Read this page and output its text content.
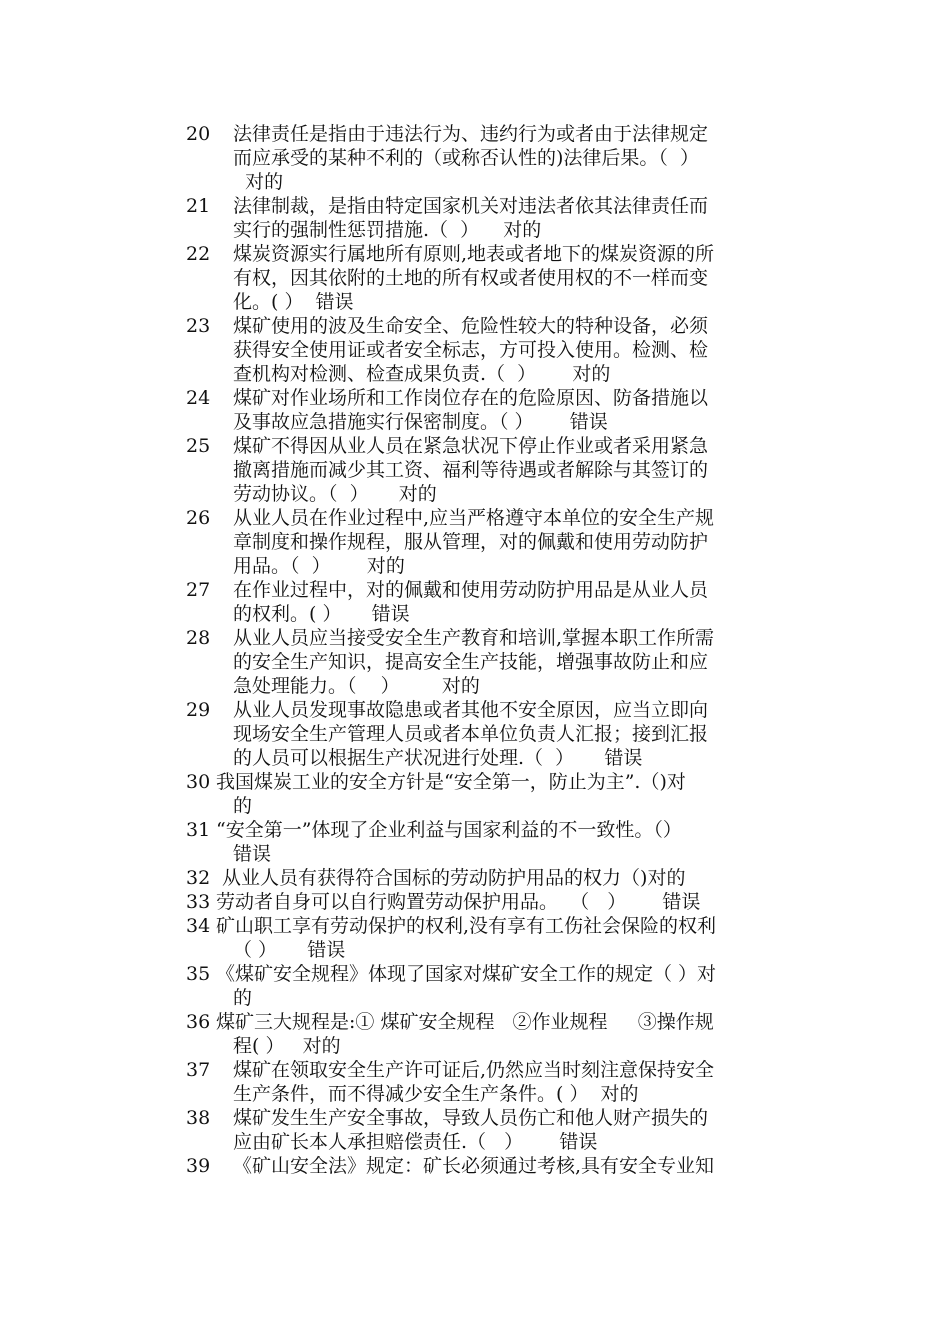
20 法律责任是指由于违法行为、违约行为或者由于法律规定
而应承受的某种不利的（或称否认性的)法律后果。（  ）
对的
21 法律制裁，是指由特定国家机关对违法者依其法律责任而
实行的强制性惩罚措施.（  ）    对的
22 煤炭资源实行属地所有原则,地表或者地下的煤炭资源的所
有权，因其依附的土地的所有权或者使用权的不一样而变
化。( ）  错误
23 煤矿使用的波及生命安全、危险性较大的特种设备，必须
获得安全使用证或者安全标志，方可投入使用。检测、检
查机构对检测、检查成果负责.（  ）      对的
24 煤矿对作业场所和工作岗位存在的危险原因、防备措施以
及事故应急措施实行保密制度。（ ）      错误
25 煤矿不得因从业人员在紧急状况下停止作业或者采用紧急
撤离措施而减少其工资、福利等待遇或者解除与其签订的
劳动协议。（  ）     对的
26 从业人员在作业过程中,应当严格遵守本单位的安全生产规
章制度和操作规程，服从管理，对的佩戴和使用劳动防护
用品。（  ）      对的
27 在作业过程中，对的佩戴和使用劳动防护用品是从业人员
的权利。( ）     错误
28 从业人员应当接受安全生产教育和培训,掌握本职工作所需
的安全生产知识，提高安全生产技能，增强事故防止和应
急处理能力。（    ）       对的
29 从业人员发现事故隐患或者其他不安全原因，应当立即向
现场安全生产管理人员或者本单位负责人汇报；接到汇报
的人员可以根据生产状况进行处理.（  ）     错误
30 我国煤炭工业的安全方针是“安全第一，防止为主”.（)对
的
31 “安全第一”体现了企业利益与国家利益的不一致性。（）
错误
32 从业人员有获得符合国标的劳动防护用品的权力（)对的
33 劳动者自身可以自行购置劳动保护用品。  （   ）      错误
34 矿山职工享有劳动保护的权利,没有享有工伤社会保险的权利
（ ）     错误
35 《煤矿安全规程》体现了国家对煤矿安全工作的规定（ ）对
的
36 煤矿三大规程是:① 煤矿安全规程   ②作业规程     ③操作规
程( ）   对的
37 煤矿在领取安全生产许可证后,仍然应当时刻注意保持安全
生产条件，而不得减少安全生产条件。( ）  对的
38 煤矿发生生产安全事故，导致人员伤亡和他人财产损失的
应由矿长本人承担赔偿责任.（   ）      错误
39 《矿山安全法》规定：矿长必须通过考核,具有安全专业知
